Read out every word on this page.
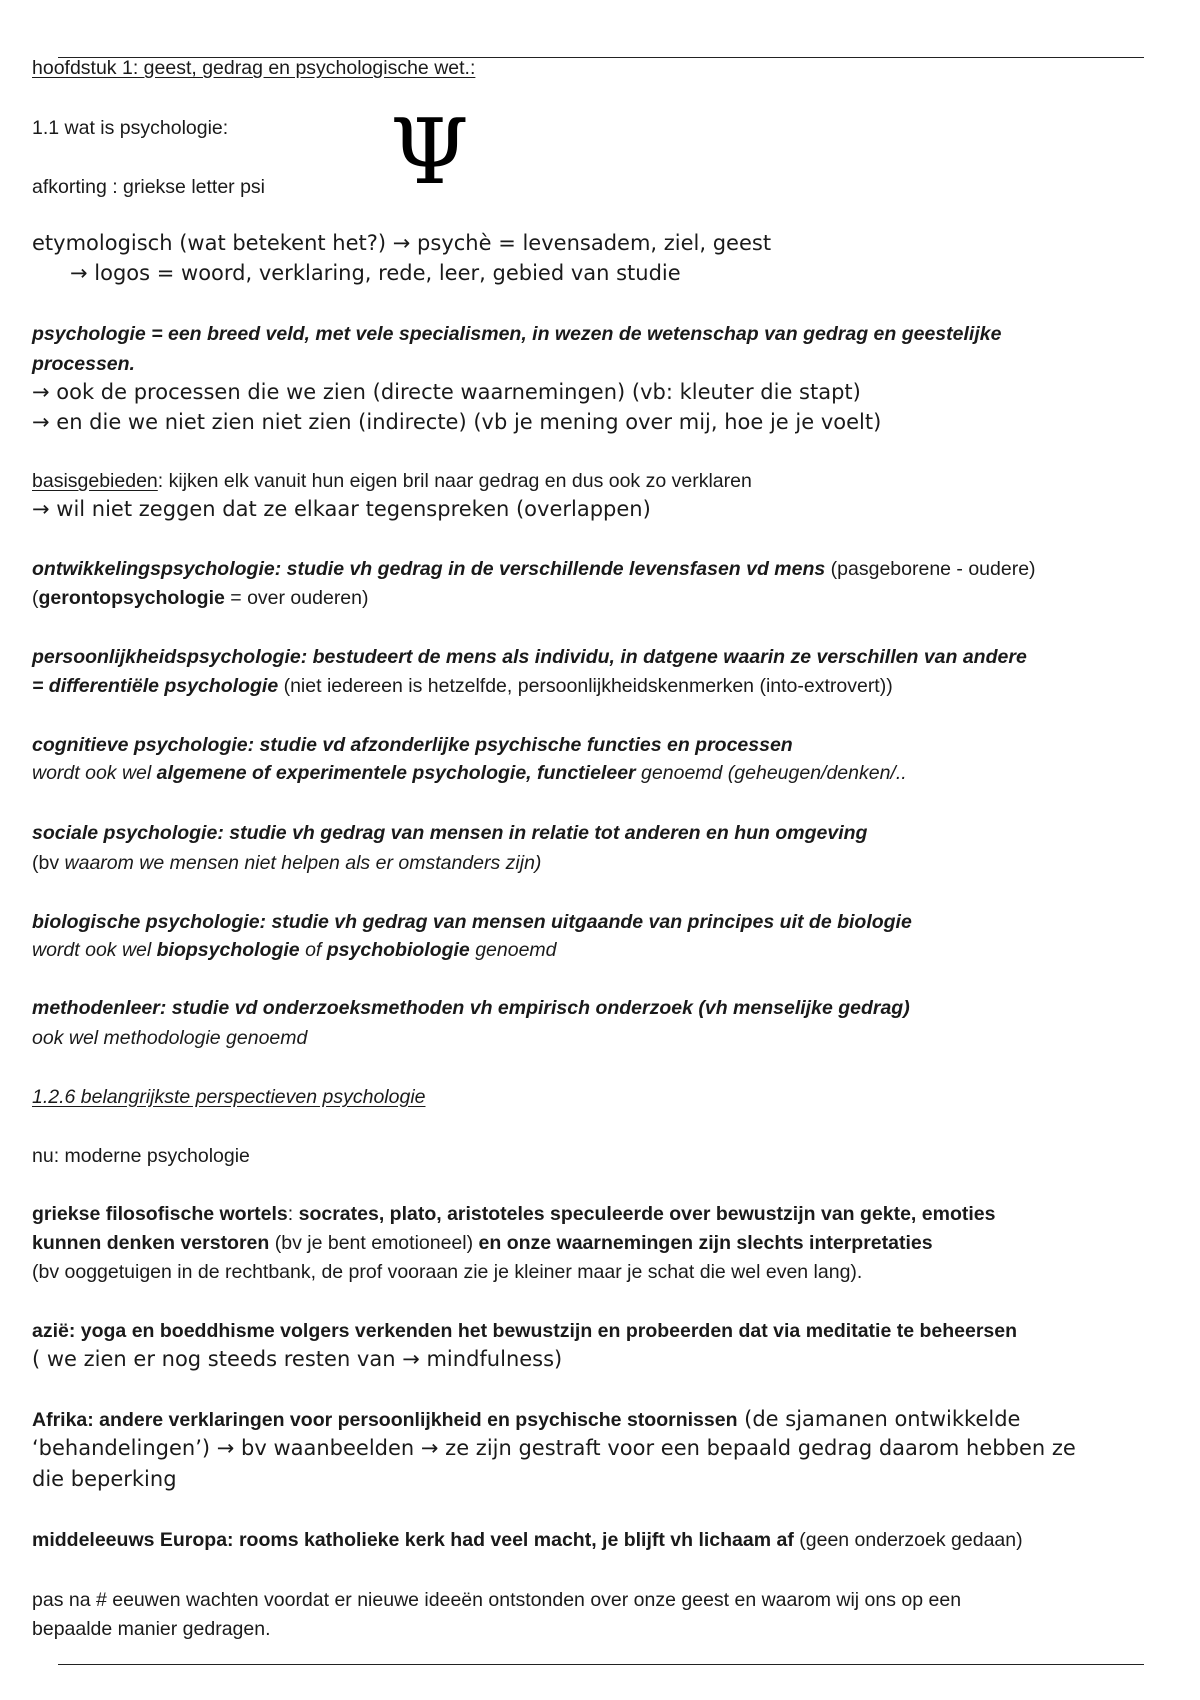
hoofdstuk 1: geest, gedrag en psychologische wet.:
1.1 wat is psychologie:
afkorting : griekse letter psi
etymologisch (wat betekent het?) → psychè = levensadem, ziel, geest
→ logos = woord, verklaring, rede, leer, gebied van studie
psychologie = een breed veld, met vele specialismen, in wezen de wetenschap van gedrag en geestelijke
processen.
→ ook de processen die we zien (directe waarnemingen) (vb: kleuter die stapt)
→ en die we niet zien niet zien (indirecte) (vb je mening over mij, hoe je je voelt)
basisgebieden: kijken elk vanuit hun eigen bril naar gedrag en dus ook zo verklaren
→ wil niet zeggen dat ze elkaar tegenspreken (overlappen)
ontwikkelingspsychologie: studie vh gedrag in de verschillende levensfasen vd mens (pasgeborene - oudere)
(gerontopsychologie = over ouderen)
persoonlijkheidspsychologie: bestudeert de mens als individu, in datgene waarin ze verschillen van andere
= differentiële psychologie (niet iedereen is hetzelfde, persoonlijkheidskenmerken (into-extrovert))
cognitieve psychologie: studie vd afzonderlijke psychische functies en processen
wordt ook wel algemene of experimentele psychologie, functieleer genoemd (geheugen/denken/..
sociale psychologie: studie vh gedrag van mensen in relatie tot anderen en hun omgeving
(bv waarom we mensen niet helpen als er omstanders zijn)
biologische psychologie: studie vh gedrag van mensen uitgaande van principes uit de biologie
wordt ook wel biopsychologie of psychobiologie genoemd
methodenleer: studie vd onderzoeksmethoden vh empirisch onderzoek (vh menselijke gedrag)
ook wel methodologie genoemd
1.2.6 belangrijkste perspectieven psychologie
nu: moderne psychologie
griekse filosofische wortels: socrates, plato, aristoteles speculeerde over bewustzijn van gekte, emoties
kunnen denken verstoren (bv je bent emotioneel) en onze waarnemingen zijn slechts interpretaties
(bv ooggetuigen in de rechtbank, de prof vooraan zie je kleiner maar je schat die wel even lang).
azië: yoga en boeddhisme volgers verkenden het bewustzijn en probeerden dat via meditatie te beheersen
( we zien er nog steeds resten van → mindfulness)
Afrika: andere verklaringen voor persoonlijkheid en psychische stoornissen (de sjamanen ontwikkelde
‘behandelingen’) → bv waanbeelden → ze zijn gestraft voor een bepaald gedrag daarom hebben ze
die beperking
middeleeuws Europa: rooms katholieke kerk had veel macht, je blijft vh lichaam af (geen onderzoek gedaan)
pas na # eeuwen wachten voordat er nieuwe ideeën ontstonden over onze geest en waarom wij ons op een
bepaalde manier gedragen.
Ψ
